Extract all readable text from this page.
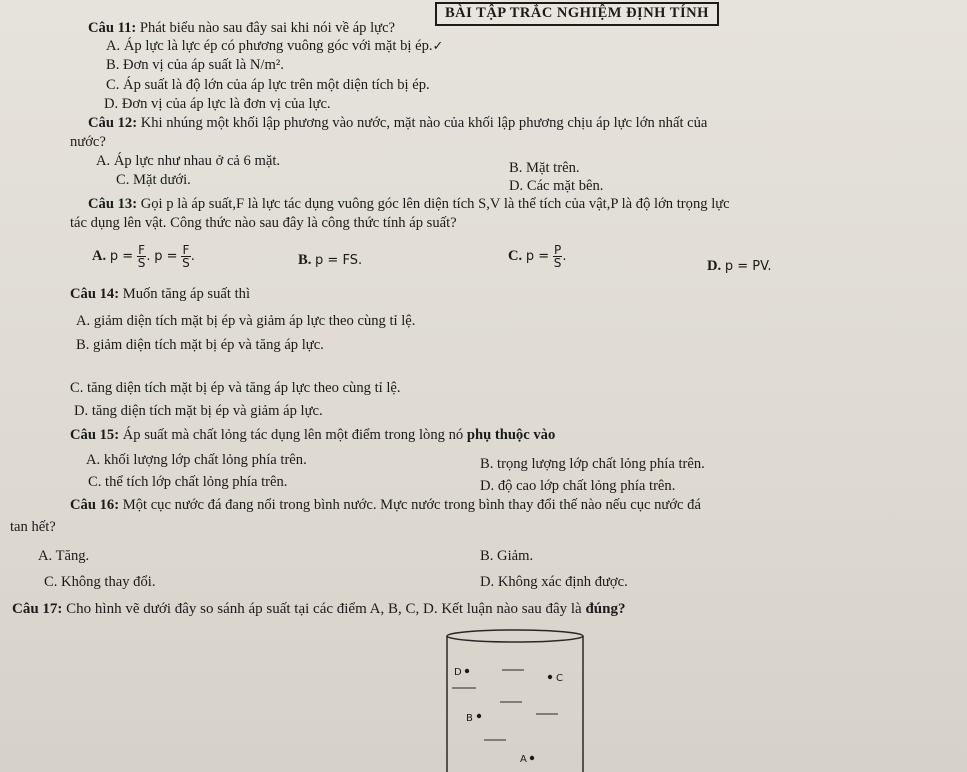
BÀI TẬP TRẮC NGHIỆM ĐỊNH TÍNH
Câu 11: Phát biểu nào sau đây sai khi nói về áp lực?
A. Áp lực là lực ép có phương vuông góc với mặt bị ép.✓
B. Đơn vị của áp suất là N/m².
C. Áp suất là độ lớn của áp lực trên một diện tích bị ép.
D. Đơn vị của áp lực là đơn vị của lực.
Câu 12: Khi nhúng một khối lập phương vào nước, mặt nào của khối lập phương chịu áp lực lớn nhất của
nước?
A. Áp lực như nhau ở cả 6 mặt.	B. Mặt trên.
C. Mặt dưới.	D. Các mặt bên.
Câu 13: Gọi p là áp suất,F là lực tác dụng vuông góc lên diện tích S,V là thể tích của vật,P là độ lớn trọng lực
tác dụng lên vật. Công thức nào sau đây là công thức tính áp suất?
A. $p = \frac{F}{S}$ . $p = \frac{F}{S}$ .	B. p = FS.	C. $p = \frac{P}{S}$ .
D. p = PV.
Câu 14: Muốn tăng áp suất thì
A. giảm diện tích mặt bị ép và giảm áp lực theo cùng tỉ lệ.
B. giảm diện tích mặt bị ép và tăng áp lực.
C. tăng diện tích mặt bị ép và tăng áp lực theo cùng tỉ lệ.
D. tăng diện tích mặt bị ép và giảm áp lực.
Câu 15: Áp suất mà chất lỏng tác dụng lên một điểm trong lòng nó phụ thuộc vào
A. khối lượng lớp chất lỏng phía trên.	B. trọng lượng lớp chất lỏng phía trên.
C. thể tích lớp chất lỏng phía trên.	D. độ cao lớp chất lỏng phía trên.
Câu 16: Một cục nước đá đang nổi trong bình nước. Mực nước trong bình thay đổi thế nào nếu cục nước đá
tan hết?
A. Tăng.	B. Giảm.
C. Không thay đổi.	D. Không xác định được.
Câu 17: Cho hình vẽ dưới đây so sánh áp suất tại các điểm A, B, C, D. Kết luận nào sau đây là đúng?
D
C
B
A
